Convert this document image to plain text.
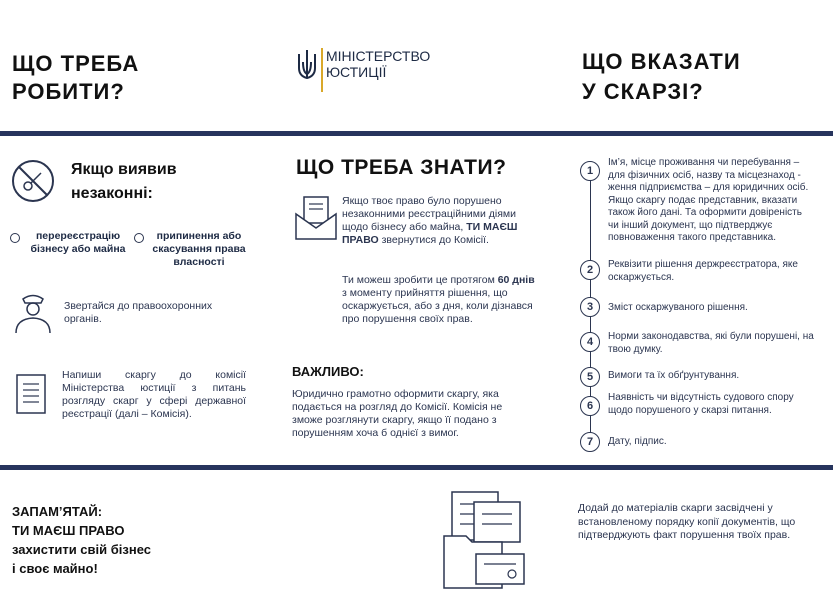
ЩО ТРЕБА
РОБИТИ?
МІНІСТЕРСТВО
ЮСТИЦІЇ	ЩО ВКАЗАТИ
У СКАРЗІ?
Якщо виявив
незаконні:
перереєстрацію бізнесу або майна
припинення або скасування права власності
Звертайся до правоохоронних органів.
Напиши скаргу до комісії Міністерства юстиції з питань розгляду скарг у сфері державної реєстрації (далі – Комісія).
ЩО ТРЕБА ЗНАТИ?
Якщо твоє право було порушено незаконними реєстраційними діями щодо бізнесу або майна, ТИ МАЄШ ПРАВО звернутися до Комісії.
Ти можеш зробити це протягом 60 днів з моменту прийняття рішення, що оскаржується, або з дня, коли дізнався про порушення своїх прав.
ВАЖЛИВО:
Юридично грамотно оформити скаргу, яка подається на розгляд до Комісії. Комісія не зможе розглянути скаргу, якщо її подано з порушенням хоча б однієї з вимог.
1
Ім’я, місце проживання чи перебування – для фізичних осіб, назву та місцезнаход - ження підприємства – для юридичних осіб. Якщо скаргу подає представник, вказати також його дані. Та оформити довіреність чи інший документ, що підтверджує повноваження такого представника.
2	Реквізити рішення держреєстратора, яке оскаржується.
3	Зміст оскаржуваного рішення.
4	Норми законодавства, які були порушені, на твою думку.
5	Вимоги та їх обґрунтування.
6
Наявність чи відсутність судового спору щодо порушеного у скарзі питання.
7	Дату, підпис.
ЗАПАМ’ЯТАЙ:
ТИ МАЄШ ПРАВО
захистити свій бізнес
і своє майно!
Додай до матеріалів скарги засвідчені у встановленому порядку копії документів, що підтверджують факт порушення твоїх прав.
